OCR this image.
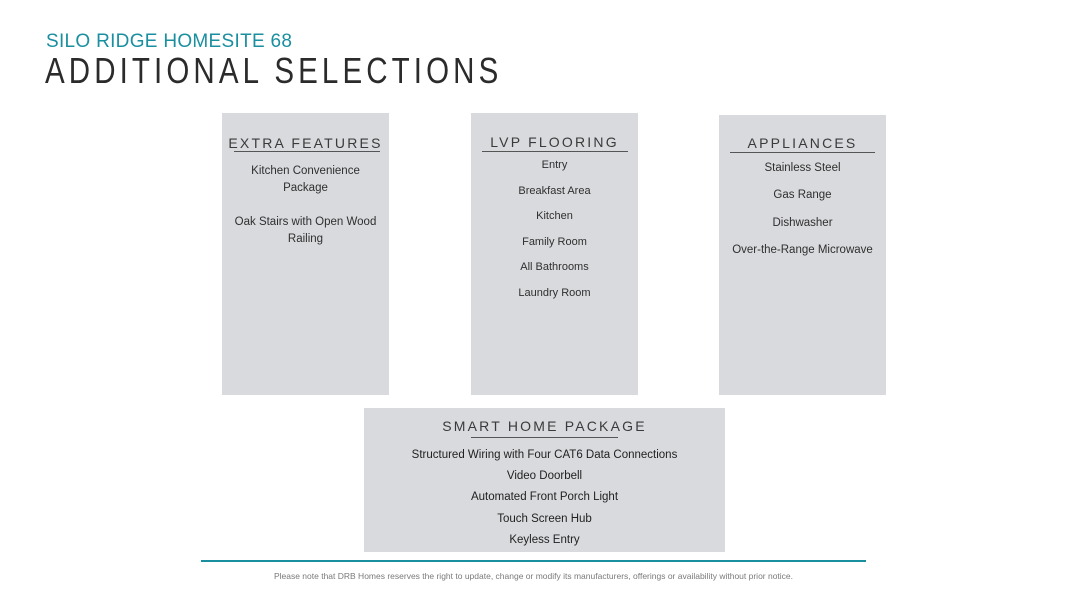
SILO RIDGE HOMESITE 68
ADDITIONAL SELECTIONS
EXTRA FEATURES
Kitchen Convenience Package
Oak Stairs with Open Wood Railing
LVP FLOORING
Entry
Breakfast Area
Kitchen
Family Room
All Bathrooms
Laundry Room
APPLIANCES
Stainless Steel
Gas Range
Dishwasher
Over-the-Range Microwave
SMART HOME PACKAGE
Structured Wiring with Four CAT6 Data Connections
Video Doorbell
Automated Front Porch Light
Touch Screen Hub
Keyless Entry
Please note that DRB Homes reserves the right to update, change or modify its manufacturers, offerings or availability without prior notice.
